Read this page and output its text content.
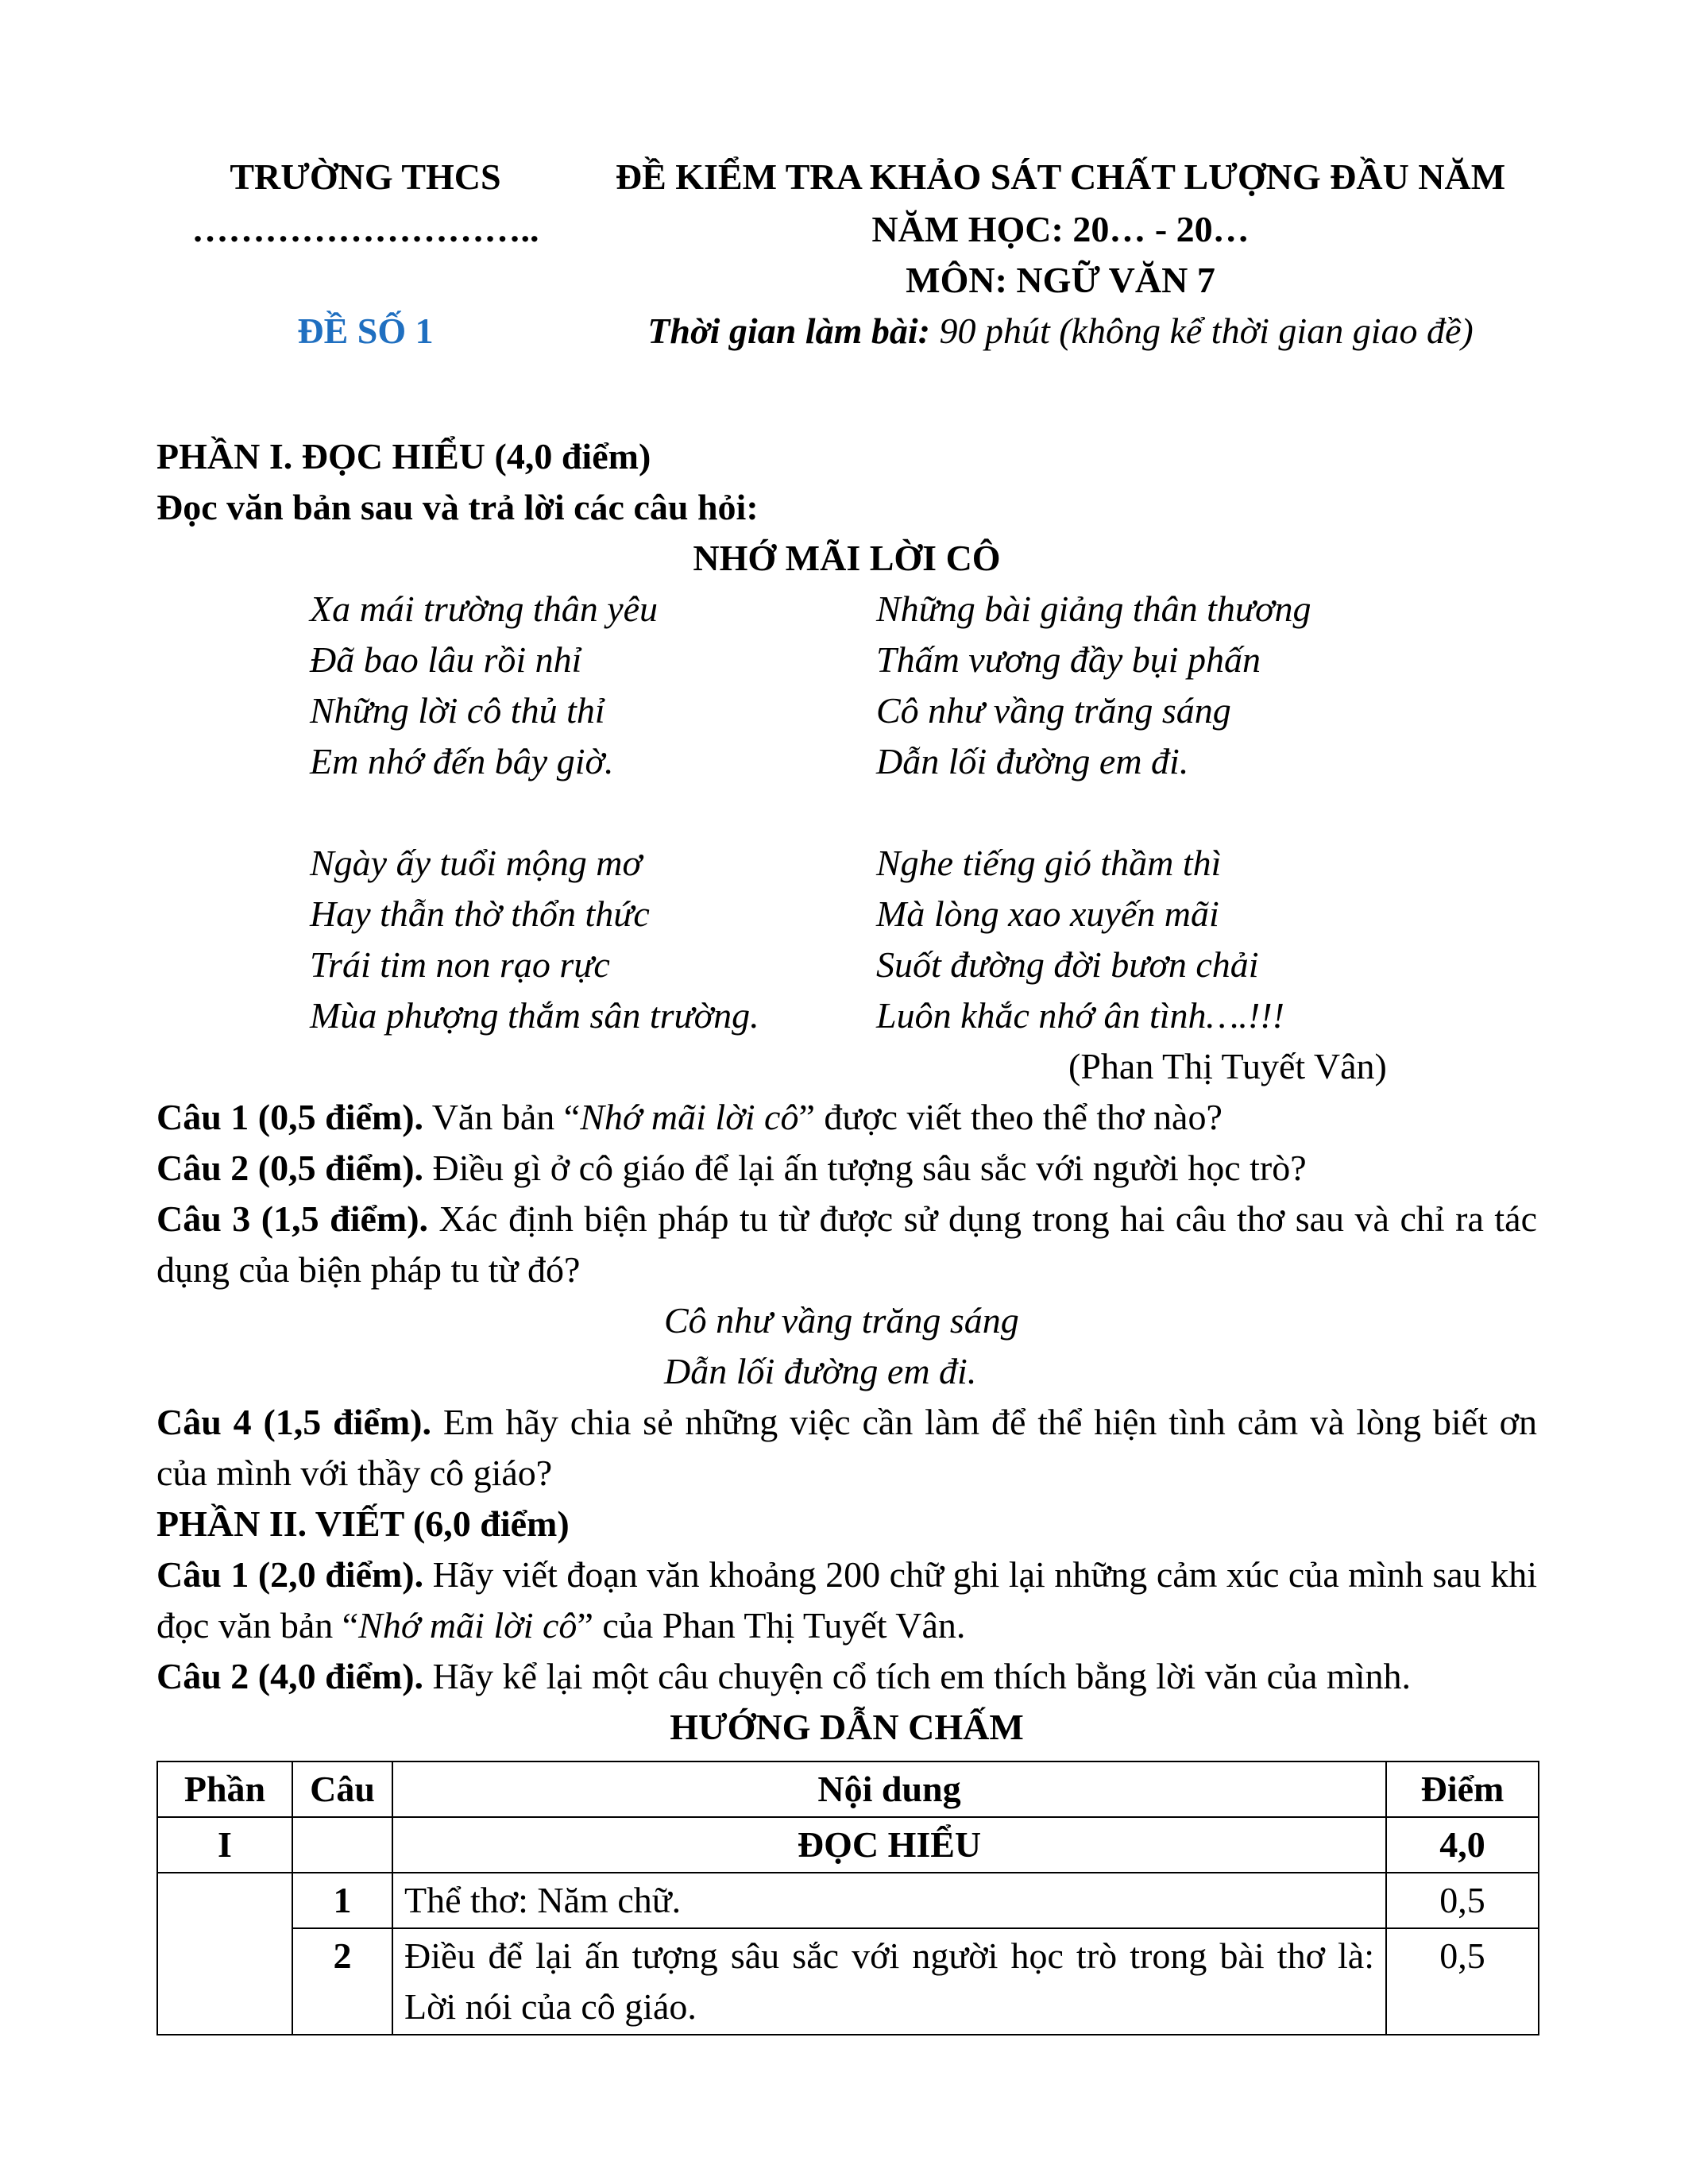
TRƯỜNG THCS
………………………..
ĐỀ SỐ 1
ĐỀ KIỂM TRA KHẢO SÁT CHẤT LƯỢNG ĐẦU NĂM
NĂM HỌC: 20… - 20…
MÔN: NGỮ VĂN 7
Thời gian làm bài: 90 phút (không kể thời gian giao đề)
PHẦN I. ĐỌC HIỂU (4,0 điểm)
Đọc văn bản sau và trả lời các câu hỏi:
NHỚ MÃI LỜI CÔ
Xa mái trường thân yêu
Đã bao lâu rồi nhỉ
Những lời cô thủ thỉ
Em nhớ đến bây giờ.
Ngày ấy tuổi mộng mơ
Hay thẫn thờ thổn thức
Trái tim non rạo rực
Mùa phượng thắm sân trường.
Những bài giảng thân thương
Thấm vương đầy bụi phấn
Cô như vầng trăng sáng
Dẫn lối đường em đi.
Nghe tiếng gió thầm thì
Mà lòng xao xuyến mãi
Suốt đường đời bươn chải
Luôn khắc nhớ ân tình….!!!
(Phan Thị Tuyết Vân)
Câu 1 (0,5 điểm). Văn bản “Nhớ mãi lời cô” được viết theo thể thơ nào?
Câu 2 (0,5 điểm). Điều gì ở cô giáo để lại ấn tượng sâu sắc với người học trò?
Câu 3 (1,5 điểm). Xác định biện pháp tu từ được sử dụng trong hai câu thơ sau và chỉ ra tác dụng của biện pháp tu từ đó?
Cô như vầng trăng sáng
Dẫn lối đường em đi.
Câu 4 (1,5 điểm). Em hãy chia sẻ những việc cần làm để thể hiện tình cảm và lòng biết ơn của mình với thầy cô giáo?
PHẦN II. VIẾT (6,0 điểm)
Câu 1 (2,0 điểm). Hãy viết đoạn văn khoảng 200 chữ ghi lại những cảm xúc của mình sau khi đọc văn bản “Nhớ mãi lời cô” của Phan Thị Tuyết Vân.
Câu 2 (4,0 điểm). Hãy kể lại một câu chuyện cổ tích em thích bằng lời văn của mình.
HƯỚNG DẪN CHẤM
Phần	Câu	Nội dung	Điểm
I		ĐỌC HIỂU	4,0
	1	Thể thơ: Năm chữ.	0,5
	2	Điều để lại ấn tượng sâu sắc với người học trò trong bài thơ là: Lời nói của cô giáo.	0,5
